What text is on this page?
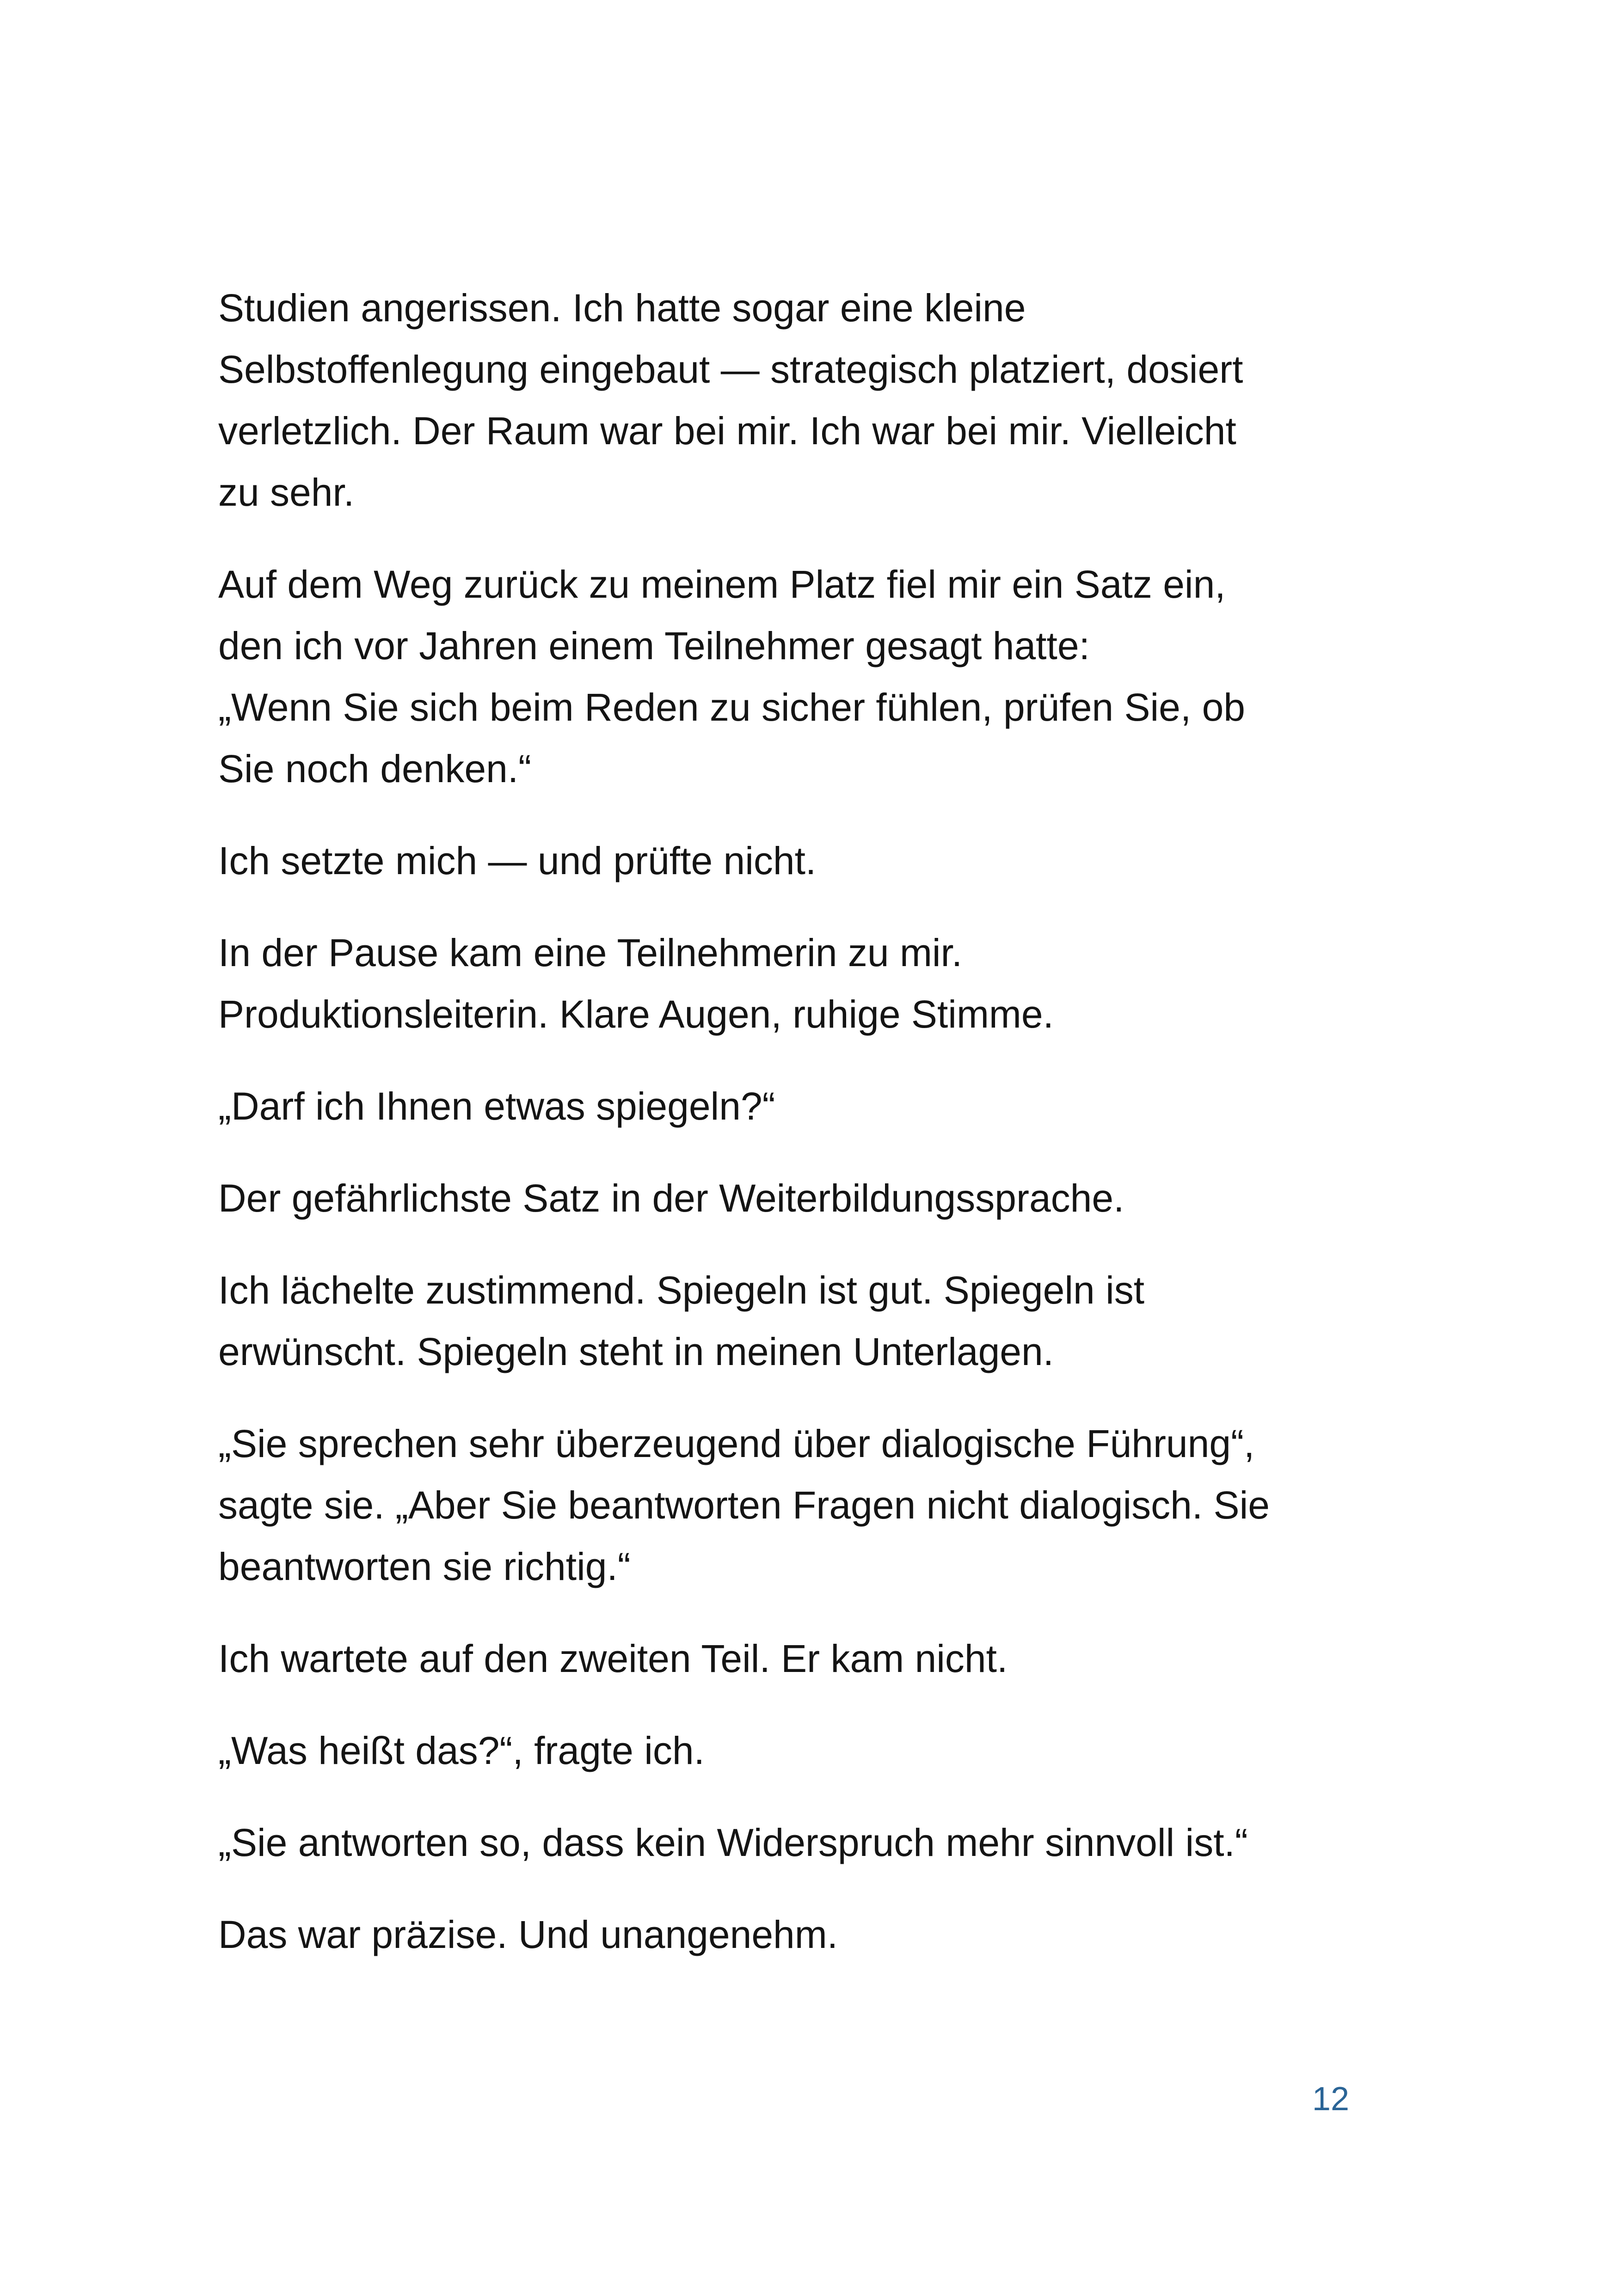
Studien angerissen. Ich hatte sogar eine kleine
Selbstoffenlegung eingebaut — strategisch platziert, dosiert
verletzlich. Der Raum war bei mir. Ich war bei mir. Vielleicht
zu sehr.

Auf dem Weg zurück zu meinem Platz fiel mir ein Satz ein,
den ich vor Jahren einem Teilnehmer gesagt hatte:
„Wenn Sie sich beim Reden zu sicher fühlen, prüfen Sie, ob
Sie noch denken.“

Ich setzte mich — und prüfte nicht.

In der Pause kam eine Teilnehmerin zu mir.
Produktionsleiterin. Klare Augen, ruhige Stimme.

„Darf ich Ihnen etwas spiegeln?“

Der gefährlichste Satz in der Weiterbildungssprache.

Ich lächelte zustimmend. Spiegeln ist gut. Spiegeln ist
erwünscht. Spiegeln steht in meinen Unterlagen.

„Sie sprechen sehr überzeugend über dialogische Führung“,
sagte sie. „Aber Sie beantworten Fragen nicht dialogisch. Sie
beantworten sie richtig.“

Ich wartete auf den zweiten Teil. Er kam nicht.

„Was heißt das?“, fragte ich.

„Sie antworten so, dass kein Widerspruch mehr sinnvoll ist.“

Das war präzise. Und unangenehm.

12
